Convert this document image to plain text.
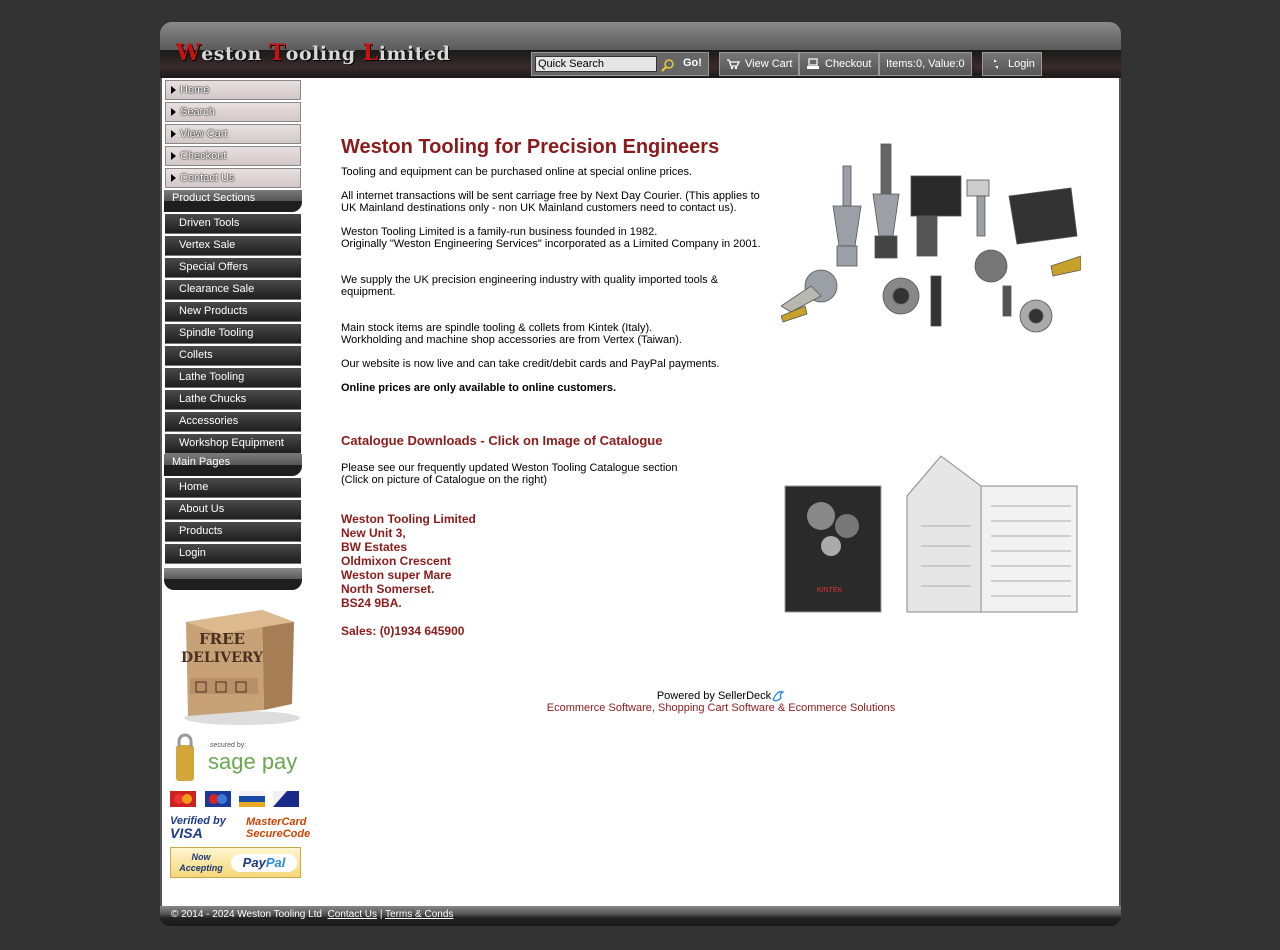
Weston Tooling Limited
Quick Search	Go!	View Cart	Checkout	Items:0, Value:0	Login
Home
Search
View Cart
Checkout
Contact Us
Product Sections
Driven Tools
Vertex Sale
Special Offers
Clearance Sale
New Products
Spindle Tooling
Collets
Lathe Tooling
Lathe Chucks
Accessories
Workshop Equipment
Main Pages
Home
About Us
Products
Login
FREE
DELIVERY
secured by:
sage pay
Verified by
VISA
MasterCard
SecureCode
Now Accepting	PayPal
Weston Tooling for Precision Engineers
Tooling and equipment can be purchased online at special online prices.
All internet transactions will be sent carriage free by Next Day Courier. (This applies to UK Mainland destinations only - non UK Mainland customers need to contact us).
Weston Tooling Limited is a family-run business founded in 1982.
Originally "Weston Engineering Services" incorporated as a Limited Company in 2001.
We supply the UK precision engineering industry with quality imported tools & equipment.
Main stock items are spindle tooling & collets from Kintek (Italy).
Workholding and machine shop accessories are from Vertex (Taiwan).
Our website is now live and can take credit/debit cards and PayPal payments.
Online prices are only available to online customers.
Catalogue Downloads - Click on Image of Catalogue
Please see our frequently updated Weston Tooling Catalogue section
(Click on picture of Catalogue on the right)
Weston Tooling Limited
New Unit 3,
BW Estates
Oldmixon Crescent
Weston super Mare
North Somerset.
BS24 9BA.
Sales: (0)1934 645900
KINTEK
Powered by SellerDeck
Ecommerce Software, Shopping Cart Software & Ecommerce Solutions
© 2014 - 2024 Weston Tooling Ltd Contact Us | Terms & Conds
